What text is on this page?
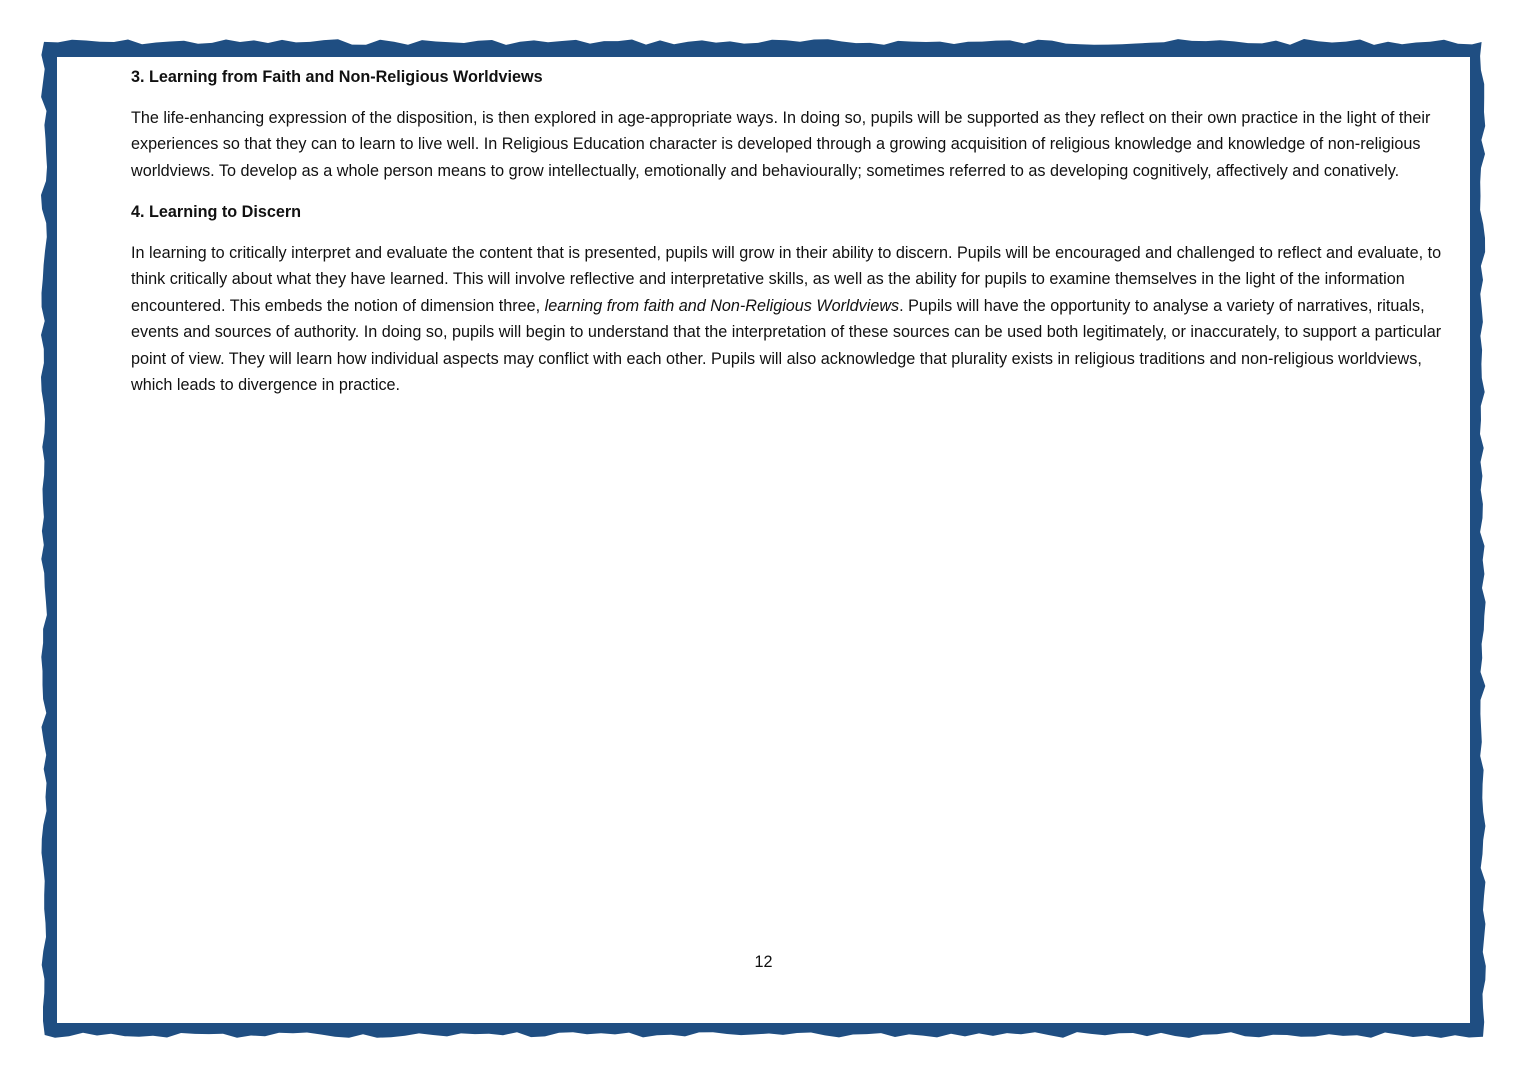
3. Learning from Faith and Non-Religious Worldviews

The life-enhancing expression of the disposition, is then explored in age-appropriate ways. In doing so, pupils will be supported as they reflect on their own practice in the light of their experiences so that they can to learn to live well. In Religious Education character is developed through a growing acquisition of religious knowledge and knowledge of non-religious worldviews. To develop as a whole person means to grow intellectually, emotionally and behaviourally; sometimes referred to as developing cognitively, affectively and conatively.

4. Learning to Discern

In learning to critically interpret and evaluate the content that is presented, pupils will grow in their ability to discern. Pupils will be encouraged and challenged to reflect and evaluate, to think critically about what they have learned. This will involve reflective and interpretative skills, as well as the ability for pupils to examine themselves in the light of the information encountered. This embeds the notion of dimension three, learning from faith and Non-Religious Worldviews. Pupils will have the opportunity to analyse a variety of narratives, rituals, events and sources of authority. In doing so, pupils will begin to understand that the interpretation of these sources can be used both legitimately, or inaccurately, to support a particular point of view. They will learn how individual aspects may conflict with each other. Pupils will also acknowledge that plurality exists in religious traditions and non-religious worldviews, which leads to divergence in practice.

12
